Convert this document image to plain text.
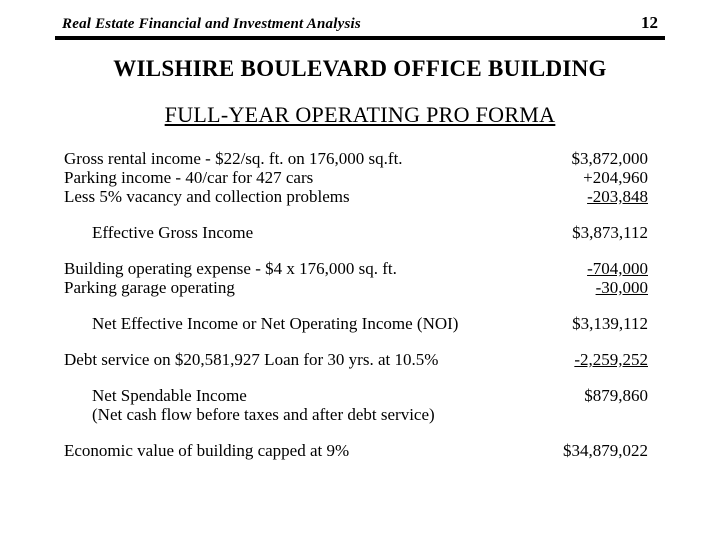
Real Estate Financial and Investment Analysis	12
WILSHIRE BOULEVARD OFFICE BUILDING
FULL-YEAR OPERATING PRO FORMA
Gross rental income - $22/sq. ft. on 176,000 sq.ft.	$3,872,000
Parking income - 40/car for 427 cars	+204,960
Less 5% vacancy and collection problems	-203,848
Effective Gross Income	$3,873,112
Building operating expense - $4 x 176,000 sq. ft.	-704,000
Parking garage operating	-30,000
Net Effective Income or Net Operating Income (NOI)	$3,139,112
Debt service on $20,581,927 Loan for 30 yrs. at 10.5%	-2,259,252
Net Spendable Income	$879,860
(Net cash flow before taxes and after debt service)
Economic value of building capped at 9%	$34,879,022
